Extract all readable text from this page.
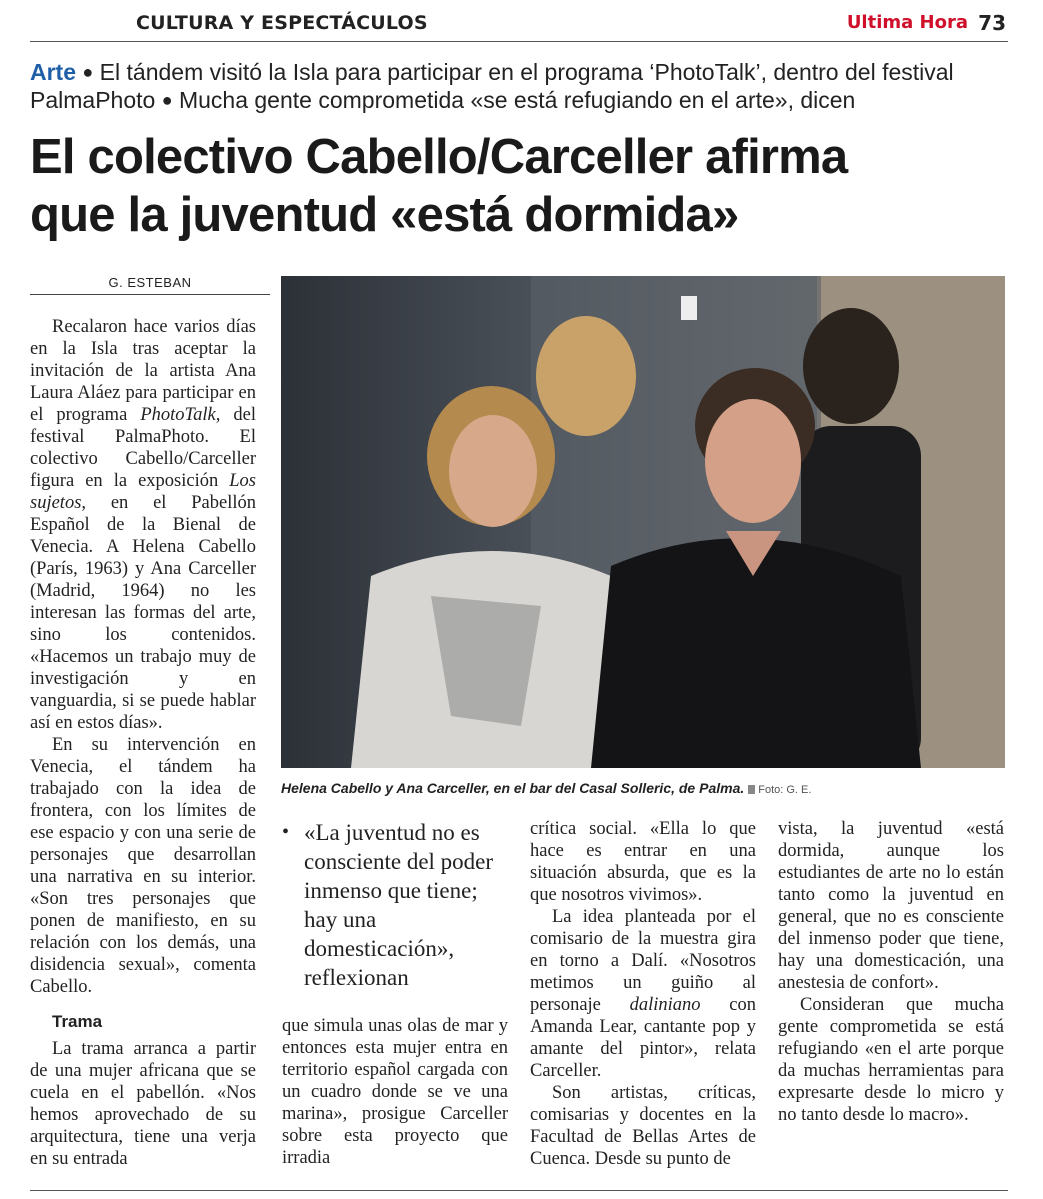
CULTURA Y ESPECTÁCULOS	Ultima Hora 73
Arte ● El tándem visitó la Isla para participar en el programa ‘PhotoTalk’, dentro del festival PalmaPhoto ● Mucha gente comprometida «se está refugiando en el arte», dicen
El colectivo Cabello/Carceller afirma
que la juventud «está dormida»
G. ESTEBAN

Recalaron hace varios días en la Isla tras aceptar la invitación de la artista Ana Laura Aláez para participar en el programa PhotoTalk, del festival PalmaPhoto. El colectivo Cabello/Carceller figura en la exposición Los sujetos, en el Pabellón Español de la Bienal de Venecia. A Helena Cabello (París, 1963) y Ana Carceller (Madrid, 1964) no les interesan las formas del arte, sino los contenidos. «Hacemos un trabajo muy de investigación y en vanguardia, si se puede hablar así en estos días».

En su intervención en Venecia, el tándem ha trabajado con la idea de frontera, con los límites de ese espacio y con una serie de personajes que desarrollan una narrativa en su interior. «Son tres personajes que ponen de manifiesto, en su relación con los demás, una disidencia sexual», comenta Cabello.

Trama

La trama arranca a partir de una mujer africana que se cuela en el pabellón. «Nos hemos aprovechado de su arquitectura, tiene una verja en su entrada

Helena Cabello y Ana Carceller, en el bar del Casal Solleric, de Palma. Foto: G. E.
• «La juventud no es consciente del poder inmenso que tiene; hay una domesticación», reflexionan

que simula unas olas de mar y entonces esta mujer entra en territorio español cargada con un cuadro donde se ve una marina», prosigue Carceller sobre esta proyecto que irradia

crítica social. «Ella lo que hace es entrar en una situación absurda, que es la que nosotros vivimos».

La idea planteada por el comisario de la muestra gira en torno a Dalí. «Nosotros metimos un guiño al personaje daliniano con Amanda Lear, cantante pop y amante del pintor», relata Carceller.

Son artistas, críticas, comisarias y docentes en la Facultad de Bellas Artes de Cuenca. Desde su punto de

vista, la juventud «está dormida, aunque los estudiantes de arte no lo están tanto como la juventud en general, que no es consciente del inmenso poder que tiene, hay una domesticación, una anestesia de confort».

Consideran que mucha gente comprometida se está refugiando «en el arte porque da muchas herramientas para expresarte desde lo micro y no tanto desde lo macro».
